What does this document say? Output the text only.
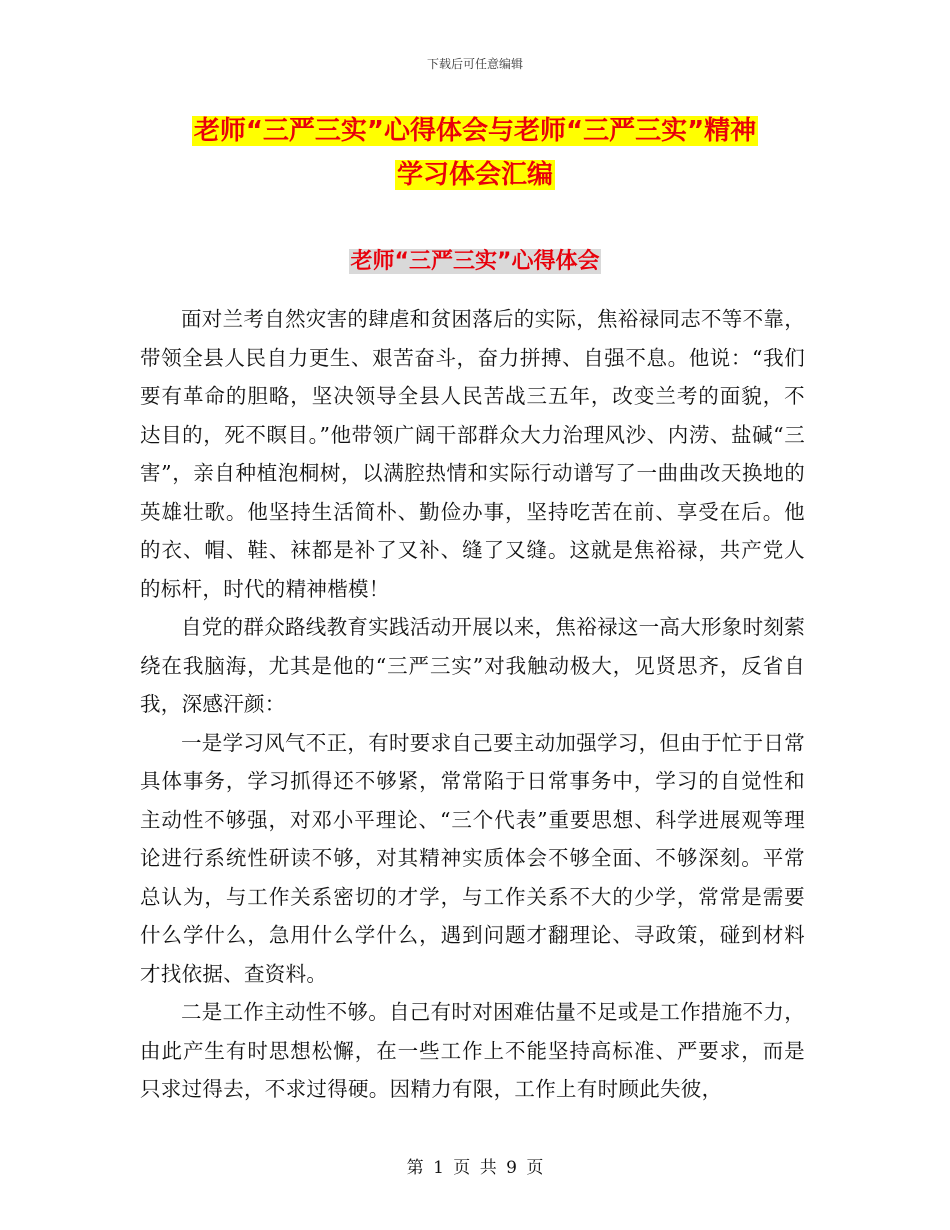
下载后可任意编辑
老师“三严三实”心得体会与老师“三严三实”精神
学习体会汇编
老师“三严三实”心得体会

面对兰考自然灾害的肆虐和贫困落后的实际，焦裕禄同志不等不靠，带领全县人民自力更生、艰苦奋斗，奋力拼搏、自强不息。他说：“我们要有革命的胆略，坚决领导全县人民苦战三五年，改变兰考的面貌，不达目的，死不瞑目。”他带领广阔干部群众大力治理风沙、内涝、盐碱“三害”，亲自种植泡桐树，以满腔热情和实际行动谱写了一曲曲改天换地的英雄壮歌。他坚持生活简朴、勤俭办事，坚持吃苦在前、享受在后。他的衣、帽、鞋、袜都是补了又补、缝了又缝。这就是焦裕禄，共产党人的标杆，时代的精神楷模！

自党的群众路线教育实践活动开展以来，焦裕禄这一高大形象时刻萦绕在我脑海，尤其是他的“三严三实”对我触动极大，见贤思齐，反省自我，深感汗颜：

一是学习风气不正，有时要求自己要主动加强学习，但由于忙于日常具体事务，学习抓得还不够紧，常常陷于日常事务中，学习的自觉性和主动性不够强，对邓小平理论、“三个代表”重要思想、科学进展观等理论进行系统性研读不够，对其精神实质体会不够全面、不够深刻。平常总认为，与工作关系密切的才学，与工作关系不大的少学，常常是需要什么学什么，急用什么学什么，遇到问题才翻理论、寻政策，碰到材料才找依据、查资料。

二是工作主动性不够。自己有时对困难估量不足或是工作措施不力，由此产生有时思想松懈，在一些工作上不能坚持高标准、严要求，而是只求过得去，不求过得硬。因精力有限，工作上有时顾此失彼，

第 1 页 共 9 页
